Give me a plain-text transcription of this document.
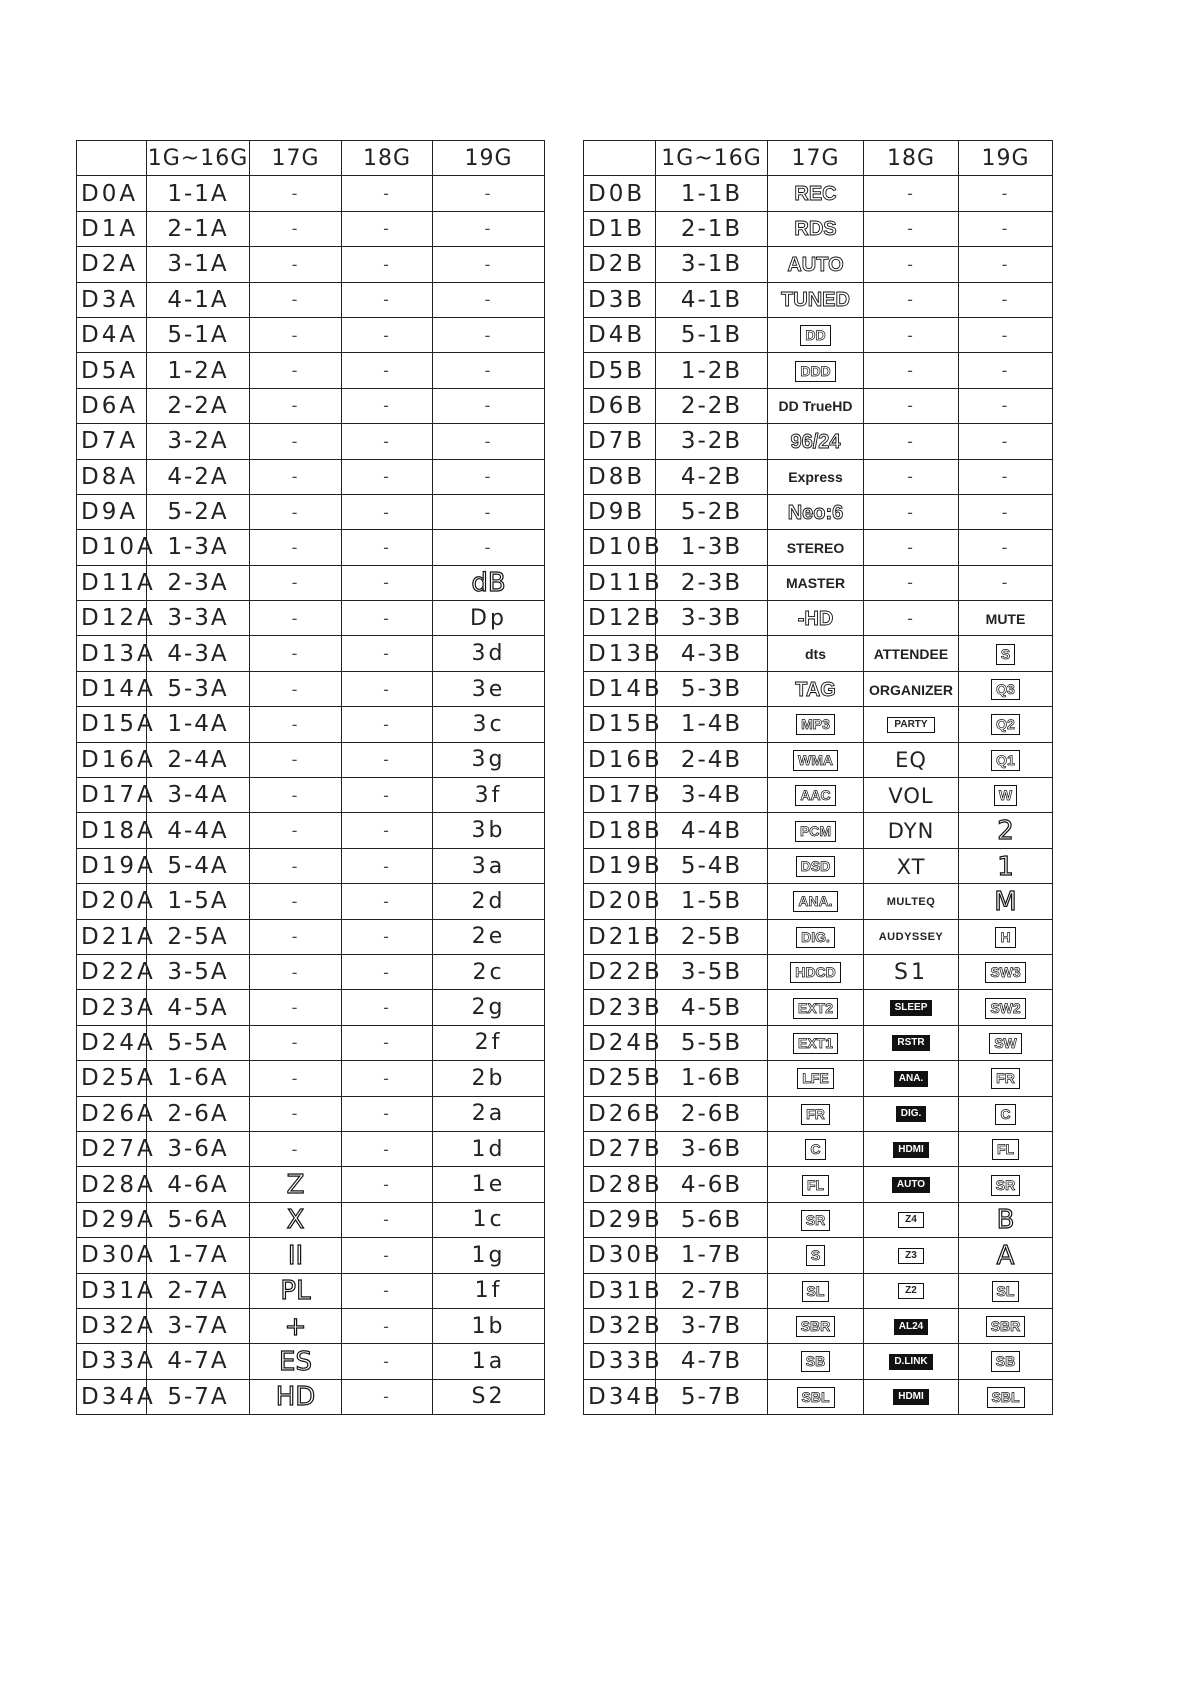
	1G~16G	17G	18G	19G
D0A	1-1A	-	-	-
D1A	2-1A	-	-	-
D2A	3-1A	-	-	-
D3A	4-1A	-	-	-
D4A	5-1A	-	-	-
D5A	1-2A	-	-	-
D6A	2-2A	-	-	-
D7A	3-2A	-	-	-
D8A	4-2A	-	-	-
D9A	5-2A	-	-	-
D10A	1-3A	-	-	-
D11A	2-3A	-	-	dB
D12A	3-3A	-	-	Dp
D13A	4-3A	-	-	3d
D14A	5-3A	-	-	3e
D15A	1-4A	-	-	3c
D16A	2-4A	-	-	3g
D17A	3-4A	-	-	3f
D18A	4-4A	-	-	3b
D19A	5-4A	-	-	3a
D20A	1-5A	-	-	2d
D21A	2-5A	-	-	2e
D22A	3-5A	-	-	2c
D23A	4-5A	-	-	2g
D24A	5-5A	-	-	2f
D25A	1-6A	-	-	2b
D26A	2-6A	-	-	2a
D27A	3-6A	-	-	1d
D28A	4-6A	Z	-	1e
D29A	5-6A	X	-	1c
D30A	1-7A	II	-	1g
D31A	2-7A	PL	-	1f
D32A	3-7A	+	-	1b
D33A	4-7A	ES	-	1a
D34A	5-7A	HD	-	S2
	1G~16G	17G	18G	19G
D0B	1-1B	REC	-	-
D1B	2-1B	RDS	-	-
D2B	3-1B	AUTO	-	-
D3B	4-1B	TUNED	-	-
D4B	5-1B	DD	-	-
D5B	1-2B	DDD	-	-
D6B	2-2B	DD TrueHD	-	-
D7B	3-2B	96/24	-	-
D8B	4-2B	Express	-	-
D9B	5-2B	Neo:6	-	-
D10B	1-3B	STEREO	-	-
D11B	2-3B	MASTER	-	-
D12B	3-3B	-HD	-	MUTE
D13B	4-3B	dts	ATTENDEE	S
D14B	5-3B	TAG	ORGANIZER	Q3
D15B	1-4B	MP3	PARTY	Q2
D16B	2-4B	WMA	EQ	Q1
D17B	3-4B	AAC	VOL	W
D18B	4-4B	PCM	DYN	2
D19B	5-4B	DSD	XT	1
D20B	1-5B	ANA.	MULTEQ	M
D21B	2-5B	DIG.	AUDYSSEY	H
D22B	3-5B	HDCD	S1	SW3
D23B	4-5B	EXT2	SLEEP	SW2
D24B	5-5B	EXT1	RSTR	SW
D25B	1-6B	LFE	ANA.	FR
D26B	2-6B	FR	DIG.	C
D27B	3-6B	C	HDMI	FL
D28B	4-6B	FL	AUTO	SR
D29B	5-6B	SR	Z4	B
D30B	1-7B	S	Z3	A
D31B	2-7B	SL	Z2	SL
D32B	3-7B	SBR	AL24	SBR
D33B	4-7B	SB	D.LINK	SB
D34B	5-7B	SBL	HDMI	SBL
